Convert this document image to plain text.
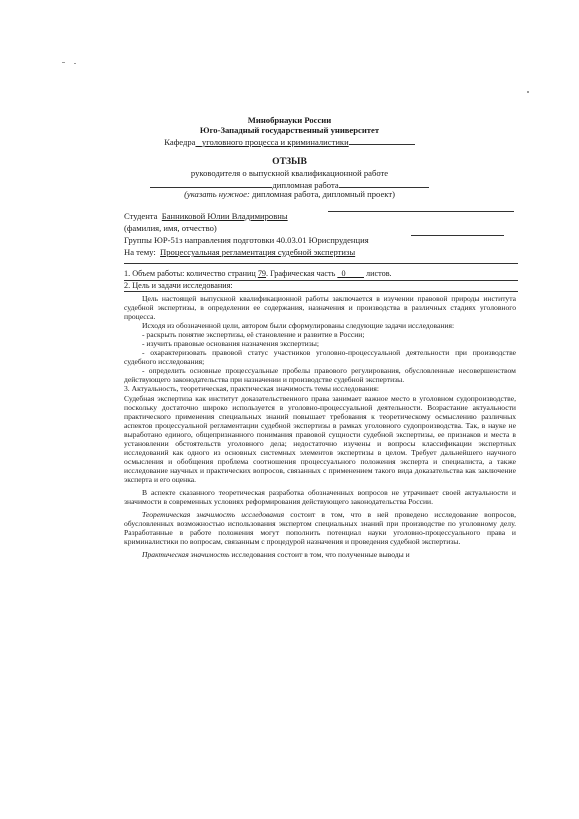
Минобрнауки России
Юго-Западный государственный университет
Кафедра уголовного процесса и криминалистики
ОТЗЫВ
руководителя о выпускной квалификационной работе
дипломная работа
(указать нужное: дипломная работа, дипломный проект)
Студента Банниковой Юлии Владимировны
(фамилия, имя, отчество)
Группы ЮР-51з направления подготовки 40.03.01 Юриспруденция
На тему: Процессуальная регламентация судебной экспертизы
1. Объем работы: количество страниц 79. Графическая часть   0          листов.
2. Цель и задачи исследования:

Цель настоящей выпускной квалификационной работы заключается в изучении правовой природы института судебной экспертизы, в определении ее содержания, назначения и производства в различных стадиях уголовного процесса.

Исходя из обозначенной цели, автором были сформулированы следующие задачи исследования:

- раскрыть понятие экспертизы, её становление и развитие в России;

- изучить правовые основания назначения экспертизы;

- охарактеризовать правовой статус участников уголовно-процессуальной деятельности при производстве судебного исследования;

- определить основные процессуальные пробелы правового регулирования, обусловленные несовершенством действующего законодательства при назначении и производстве судебной экспертизы.

3. Актуальность, теоретическая, практическая значимость темы исследования:

Судебная экспертиза как институт доказательственного права занимает важное место в уголовном судопроизводстве, поскольку достаточно широко используется в уголовно-процессуальной деятельности. Возрастание актуальности практического применения специальных знаний повышает требования к теоретическому осмыслению различных аспектов процессуальной регламентации судебной экспертизы в рамках уголовного судопроизводства. Так, в науке не выработано единого, общепризнанного понимания правовой сущности судебной экспертизы, ее признаков и места в установлении обстоятельств уголовного дела; недостаточно изучены и вопросы классификации экспертных исследований как одного из основных системных элементов экспертизы в целом. Требует дальнейшего научного осмысления и обобщения проблема соотношения процессуального положения эксперта и специалиста, а также исследование научных и практических вопросов, связанных с применением такого вида доказательства как заключение эксперта и его оценка.

В аспекте сказанного теоретическая разработка обозначенных вопросов не утрачивает своей актуальности и значимости в современных условиях реформирования действующего законодательства России.

Теоретическая значимость исследования состоит в том, что в ней проведено исследование вопросов, обусловленных возможностью использования экспертом специальных знаний при производстве по уголовному делу. Разработанные в работе положения могут пополнить потенциал науки уголовно-процессуального права и криминалистики по вопросам, связанным с процедурой назначения и проведения судебной экспертизы.

Практическая значимость исследования состоит в том, что полученные выводы и
